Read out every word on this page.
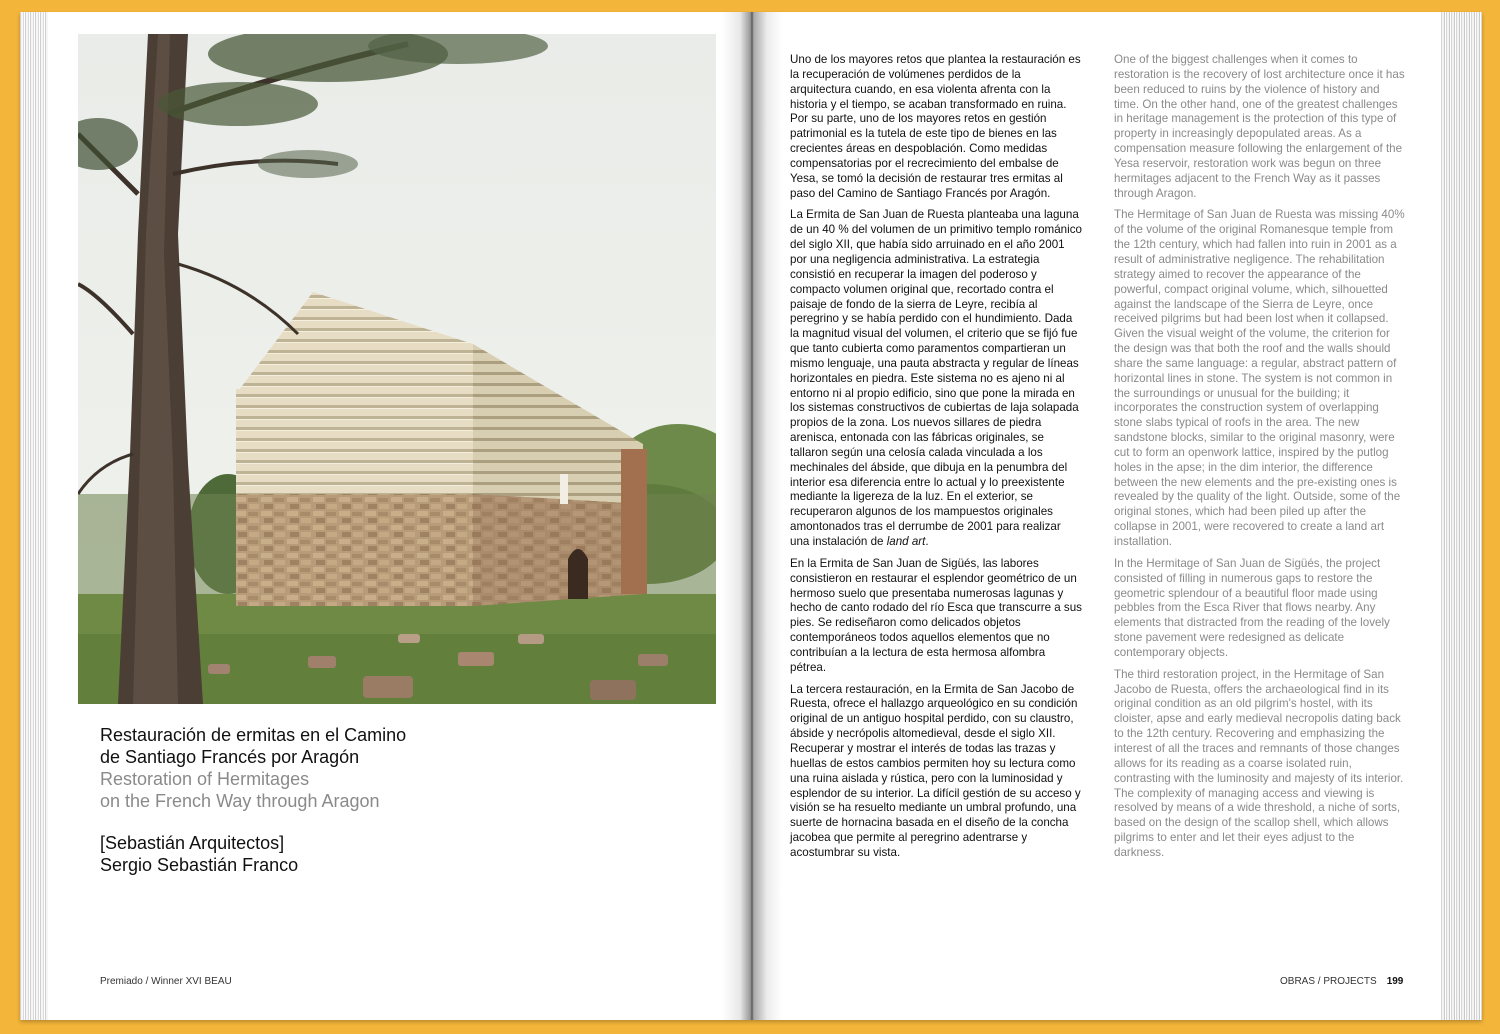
Restauración de ermitas en el Camino

de Santiago Francés por Aragón

Restoration of Hermitages

on the French Way through Aragon

[Sebastián Arquitectos]
Sergio Sebastián Franco
Premiado / Winner XVI BEAU	OBRAS / PROJECTS 199

Uno de los mayores retos que plantea la restauración es la recuperación de volúmenes perdidos de la arquitectura cuando, en esa violenta afrenta con la historia y el tiempo, se acaban transformado en ruina. Por su parte, uno de los mayores retos en gestión patrimonial es la tutela de este tipo de bienes en las crecientes áreas en despoblación. Como medidas compensatorias por el recrecimiento del embalse de Yesa, se tomó la decisión de restaurar tres ermitas al paso del Camino de Santiago Francés por Aragón.

La Ermita de San Juan de Ruesta planteaba una laguna de un 40 % del volumen de un primitivo templo románico del siglo XII, que había sido arruinado en el año 2001 por una negligencia administrativa. La estrategia consistió en recuperar la imagen del poderoso y compacto volumen original que, recortado contra el paisaje de fondo de la sierra de Leyre, recibía al peregrino y se había perdido con el hundimiento. Dada la magnitud visual del volumen, el criterio que se fijó fue que tanto cubierta como paramentos compartieran un mismo lenguaje, una pauta abstracta y regular de líneas horizontales en piedra. Este sistema no es ajeno ni al entorno ni al propio edificio, sino que pone la mirada en los sistemas constructivos de cubiertas de laja solapada propios de la zona. Los nuevos sillares de piedra arenisca, entonada con las fábricas originales, se tallaron según una celosía calada vinculada a los mechinales del ábside, que dibuja en la penumbra del interior esa diferencia entre lo actual y lo preexistente mediante la ligereza de la luz. En el exterior, se recuperaron algunos de los mampuestos originales amontonados tras el derrumbe de 2001 para realizar una instalación de land art.

En la Ermita de San Juan de Sigüés, las labores consistieron en restaurar el esplendor geométrico de un hermoso suelo que presentaba numerosas lagunas y hecho de canto rodado del río Esca que transcurre a sus pies. Se rediseñaron como delicados objetos contemporáneos todos aquellos elementos que no contribuían a la lectura de esta hermosa alfombra pétrea.

La tercera restauración, en la Ermita de San Jacobo de Ruesta, ofrece el hallazgo arqueológico en su condición original de un antiguo hospital perdido, con su claustro, ábside y necrópolis altomedieval, desde el siglo XII. Recuperar y mostrar el interés de todas las trazas y huellas de estos cambios permiten hoy su lectura como una ruina aislada y rústica, pero con la luminosidad y esplendor de su interior. La difícil gestión de su acceso y visión se ha resuelto mediante un umbral profundo, una suerte de hornacina basada en el diseño de la concha jacobea que permite al peregrino adentrarse y acostumbrar su vista.

One of the biggest challenges when it comes to restoration is the recovery of lost architecture once it has been reduced to ruins by the violence of history and time. On the other hand, one of the greatest challenges in heritage management is the protection of this type of property in increasingly depopulated areas. As a compensation measure following the enlargement of the Yesa reservoir, restoration work was begun on three hermitages adjacent to the French Way as it passes through Aragon.

The Hermitage of San Juan de Ruesta was missing 40% of the volume of the original Romanesque temple from the 12th century, which had fallen into ruin in 2001 as a result of administrative negligence. The rehabilitation strategy aimed to recover the appearance of the powerful, compact original volume, which, silhouetted against the landscape of the Sierra de Leyre, once received pilgrims but had been lost when it collapsed. Given the visual weight of the volume, the criterion for the design was that both the roof and the walls should share the same language: a regular, abstract pattern of horizontal lines in stone. The system is not common in the surroundings or unusual for the building; it incorporates the construction system of overlapping stone slabs typical of roofs in the area. The new sandstone blocks, similar to the original masonry, were cut to form an openwork lattice, inspired by the putlog holes in the apse; in the dim interior, the difference between the new elements and the pre-existing ones is revealed by the quality of the light. Outside, some of the original stones, which had been piled up after the collapse in 2001, were recovered to create a land art installation.

In the Hermitage of San Juan de Sigüés, the project consisted of filling in numerous gaps to restore the geometric splendour of a beautiful floor made using pebbles from the Esca River that flows nearby. Any elements that distracted from the reading of the lovely stone pavement were redesigned as delicate contemporary objects.

The third restoration project, in the Hermitage of San Jacobo de Ruesta, offers the archaeological find in its original condition as an old pilgrim's hostel, with its cloister, apse and early medieval necropolis dating back to the 12th century. Recovering and emphasizing the interest of all the traces and remnants of those changes allows for its reading as a coarse isolated ruin, contrasting with the luminosity and majesty of its interior. The complexity of managing access and viewing is resolved by means of a wide threshold, a niche of sorts, based on the design of the scallop shell, which allows pilgrims to enter and let their eyes adjust to the darkness.
